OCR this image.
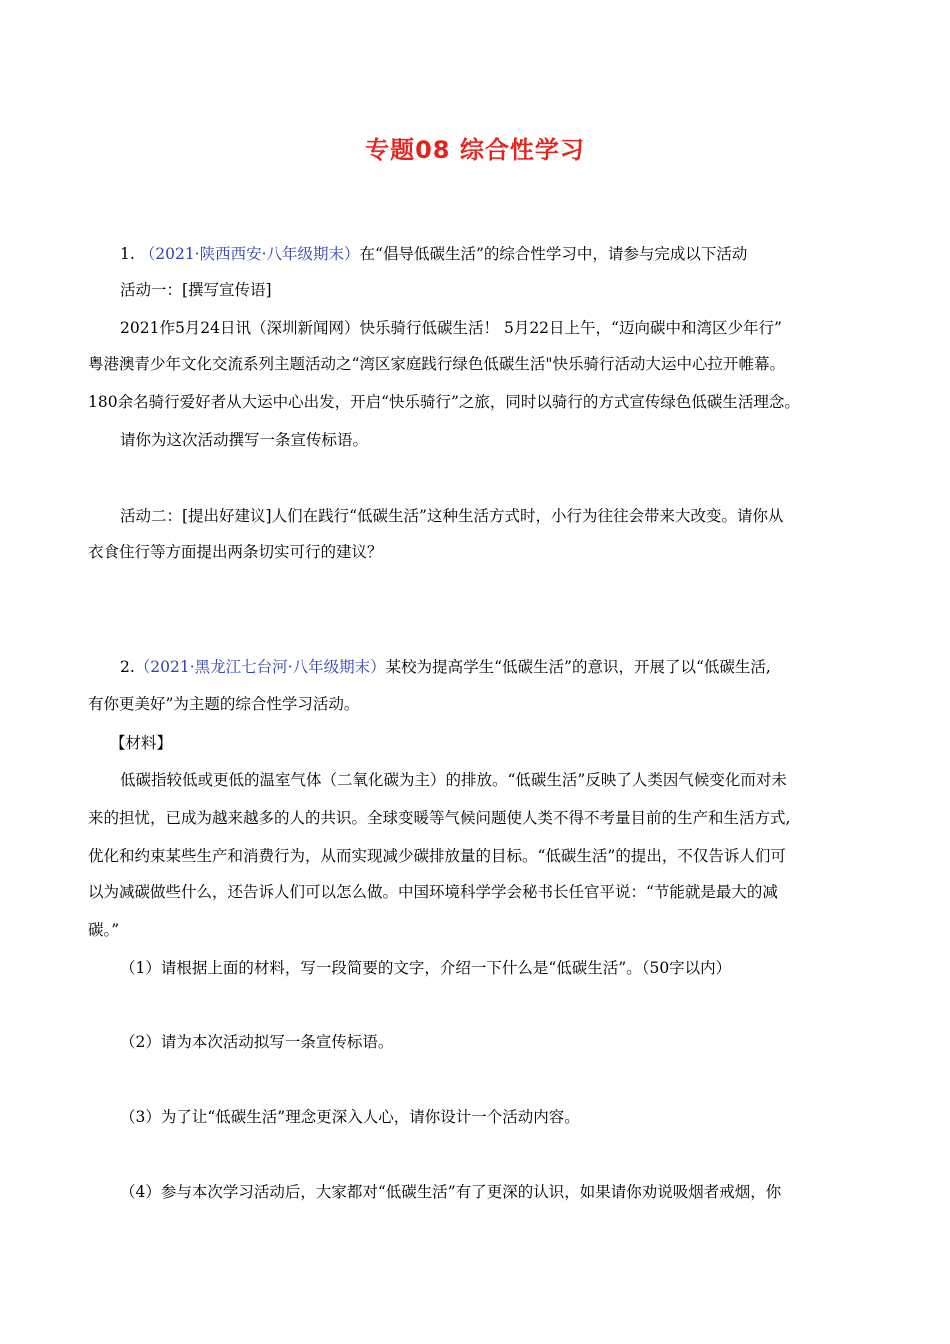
专题08 综合性学习
1. （2021·陕西西安·八年级期末）在“倡导低碳生活”的综合性学习中，请参与完成以下活动
活动一：[撰写宣传语]
2021作5月24日讯（深圳新闻网）快乐骑行低碳生活！ 5月22日上午，“迈向碳中和湾区少年行”
粤港澳青少年文化交流系列主题活动之“湾区家庭践行绿色低碳生活"快乐骑行活动大运中心拉开帷幕。
180余名骑行爱好者从大运中心出发，开启“快乐骑行”之旅，同时以骑行的方式宣传绿色低碳生活理念。
请你为这次活动撰写一条宣传标语。
活动二：[提出好建议]人们在践行“低碳生活”这种生活方式时，小行为往往会带来大改变。请你从
衣食住行等方面提出两条切实可行的建议？
2.（2021·黑龙江七台河·八年级期末）某校为提高学生“低碳生活”的意识，开展了以“低碳生活,
有你更美好”为主题的综合性学习活动。
【材料】
低碳指较低或更低的温室气体（二氧化碳为主）的排放。“低碳生活”反映了人类因气候变化而对未
来的担忧，已成为越来越多的人的共识。全球变暖等气候问题使人类不得不考量目前的生产和生活方式,
优化和约束某些生产和消费行为，从而实现减少碳排放量的目标。“低碳生活”的提出，不仅告诉人们可
以为减碳做些什么，还告诉人们可以怎么做。中国环境科学学会秘书长任官平说：“节能就是最大的减
碳。”
（1）请根据上面的材料，写一段简要的文字，介绍一下什么是“低碳生活”。（50字以内）
（2）请为本次活动拟写一条宣传标语。
（3）为了让“低碳生活”理念更深入人心，请你设计一个活动内容。
（4）参与本次学习活动后，大家都对“低碳生活”有了更深的认识，如果请你劝说吸烟者戒烟，你
